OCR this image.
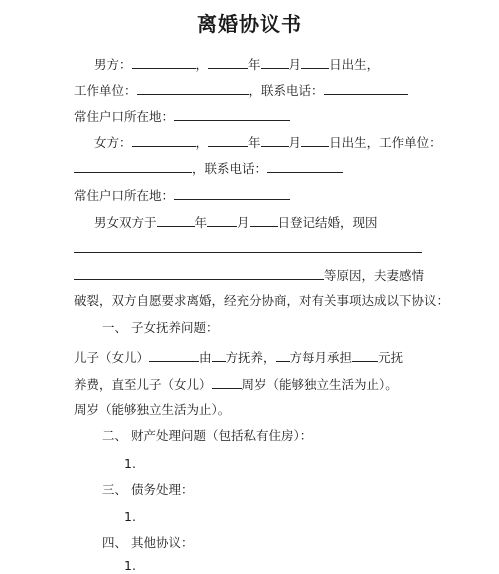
离婚协议书
男方：	，	年 月 日出生，
工作单位：	，联系电话：
常住户口所在地：
女方：	，	年 月 日出生，工作单位：
，联系电话：
常住户口所在地：
男女双方于	年 月 日登记结婚，现因
等原因，夫妻感情
破裂，双方自愿要求离婚，经充分协商，对有关事项达成以下协议：
一、 子女抚养问题：
儿子（女儿）	由 方抚养， 方每月承担 元抚
养费，直至儿子（女儿） 周岁（能够独立生活为止）。
周岁（能够独立生活为止）。
二、 财产处理问题（包括私有住房）：
1.
三、 债务处理：
1.
四、 其他协议：
1.
